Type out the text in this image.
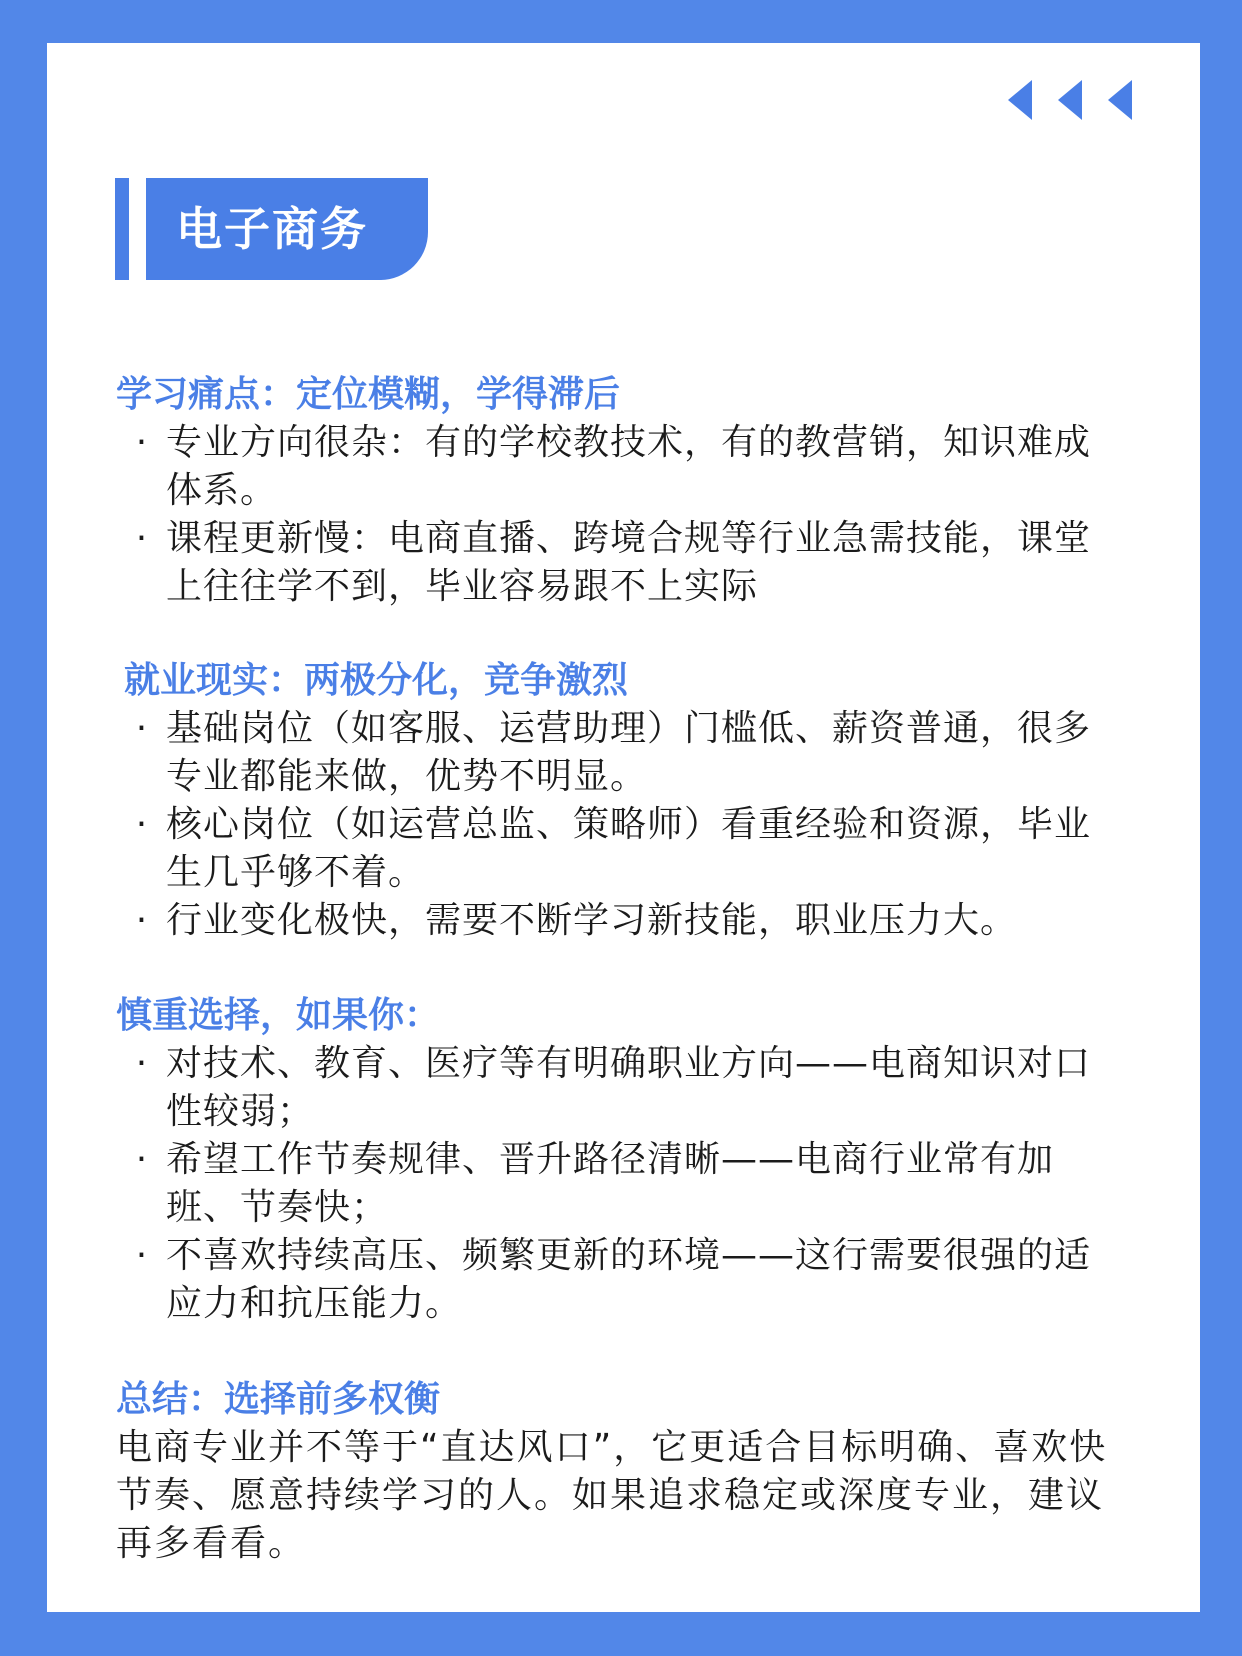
电子商务
学习痛点：定位模糊，学得滞后
· 专业方向很杂：有的学校教技术，有的教营销，知识难成体系。
· 课程更新慢：电商直播、跨境合规等行业急需技能，课堂上往往学不到，毕业容易跟不上实际
就业现实：两极分化，竞争激烈
· 基础岗位（如客服、运营助理）门槛低、薪资普通，很多专业都能来做，优势不明显。
· 核心岗位（如运营总监、策略师）看重经验和资源，毕业生几乎够不着。
· 行业变化极快，需要不断学习新技能，职业压力大。
慎重选择，如果你：
· 对技术、教育、医疗等有明确职业方向——电商知识对口性较弱；
· 希望工作节奏规律、晋升路径清晰——电商行业常有加班、节奏快；
· 不喜欢持续高压、频繁更新的环境——这行需要很强的适应力和抗压能力。
总结：选择前多权衡
电商专业并不等于“直达风口”，它更适合目标明确、喜欢快节奏、愿意持续学习的人。如果追求稳定或深度专业，建议再多看看。
